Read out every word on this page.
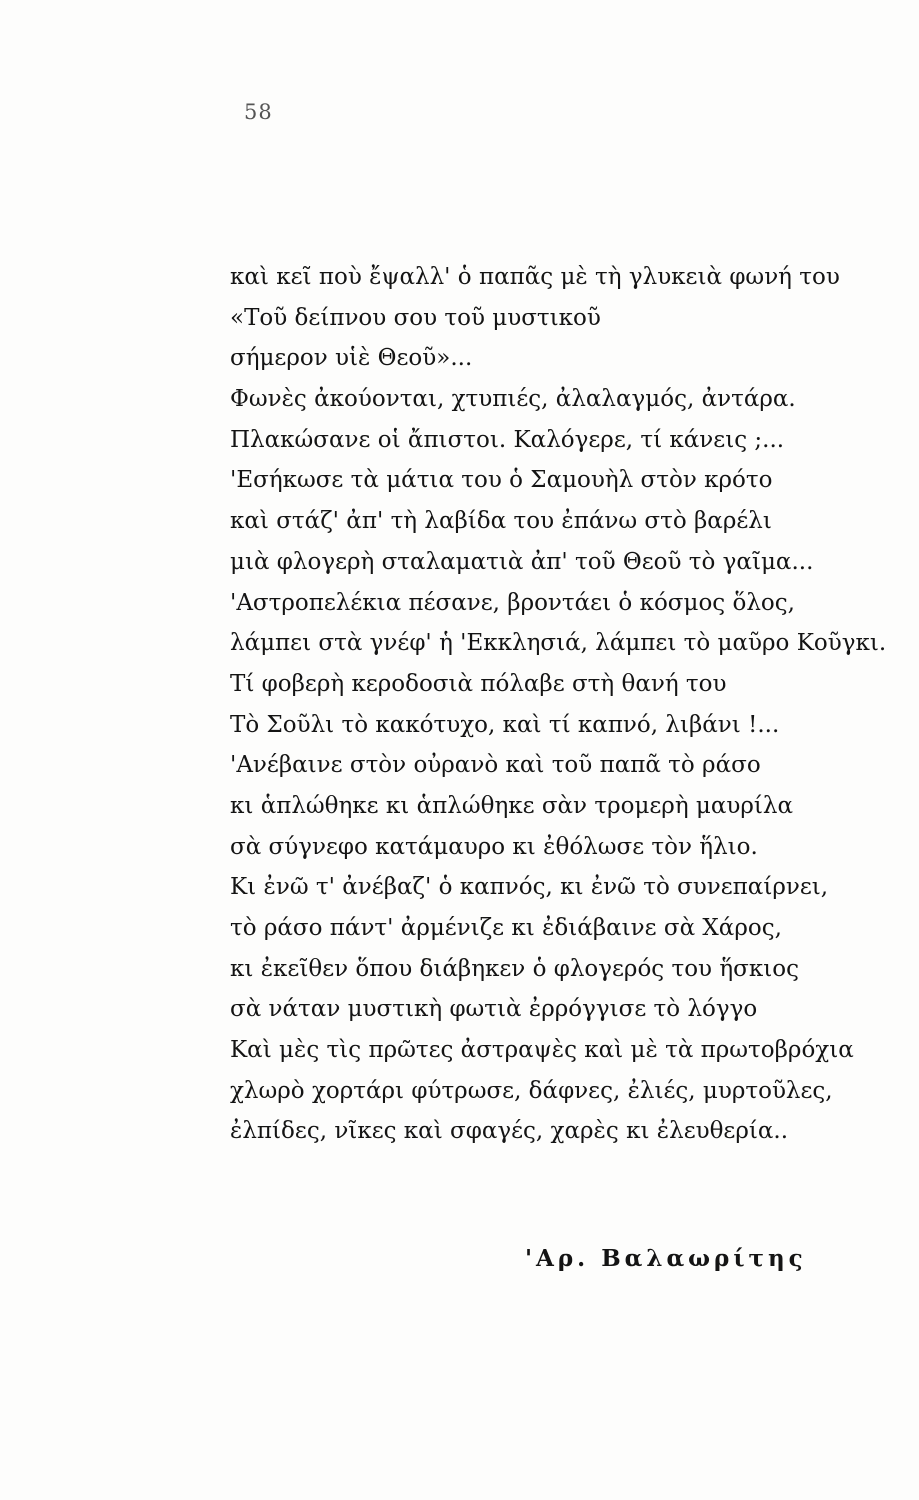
58
καὶ κεῖ ποὺ ἔψαλλ' ὁ παπᾶς μὲ τὴ γλυκειὰ φωνή του
«Τοῦ δείπνου σου τοῦ μυστικοῦ
σήμερον υἱὲ Θεοῦ»...
Φωνὲς ἀκούονται, χτυπιές, ἀλαλαγμός, ἀντάρα.
Πλακώσανε οἱ ἄπιστοι. Καλόγερε, τί κάνεις ;...
'Εσήκωσε τὰ μάτια του ὁ Σαμουὴλ στὸν κρότο
καὶ στάζ' ἀπ' τὴ λαβίδα του ἐπάνω στὸ βαρέλι
μιὰ φλογερὴ σταλαματιὰ ἀπ' τοῦ Θεοῦ τὸ γαῖμα...
'Αστροπελέκια πέσανε, βροντάει ὁ κόσμος ὅλος,
λάμπει στὰ γνέφ' ἡ 'Εκκλησιά, λάμπει τὸ μαῦρο Κοῦγκι.
Τί φοβερὴ κεροδοσιὰ πόλαβε στὴ θανή του
Τὸ Σοῦλι τὸ κακότυχο, καὶ τί καπνό, λιβάνι !...
'Ανέβαινε στὸν οὐρανὸ καὶ τοῦ παπᾶ τὸ ράσο
κι ἁπλώθηκε κι ἁπλώθηκε σὰν τρομερὴ μαυρίλα
σὰ σύγνεφο κατάμαυρο κι ἐθόλωσε τὸν ἥλιο.
Κι ἐνῶ τ' ἀνέβαζ' ὁ καπνός, κι ἐνῶ τὸ συνεπαίρνει,
τὸ ράσο πάντ' ἀρμένιζε κι ἐδιάβαινε σὰ Χάρος,
κι ἐκεῖθεν ὅπου διάβηκεν ὁ φλογερός του ἥσκιος
σὰ νάταν μυστικὴ φωτιὰ ἐρρόγγισε τὸ λόγγο
Καὶ μὲς τὶς πρῶτες ἀστραψὲς καὶ μὲ τὰ πρωτοβρόχια
χλωρὸ χορτάρι φύτρωσε, δάφνες, ἐλιές, μυρτοῦλες,
ἐλπίδες, νῖκες καὶ σφαγές, χαρὲς κι ἐλευθερία..
'Αρ. Βαλαωρίτης
